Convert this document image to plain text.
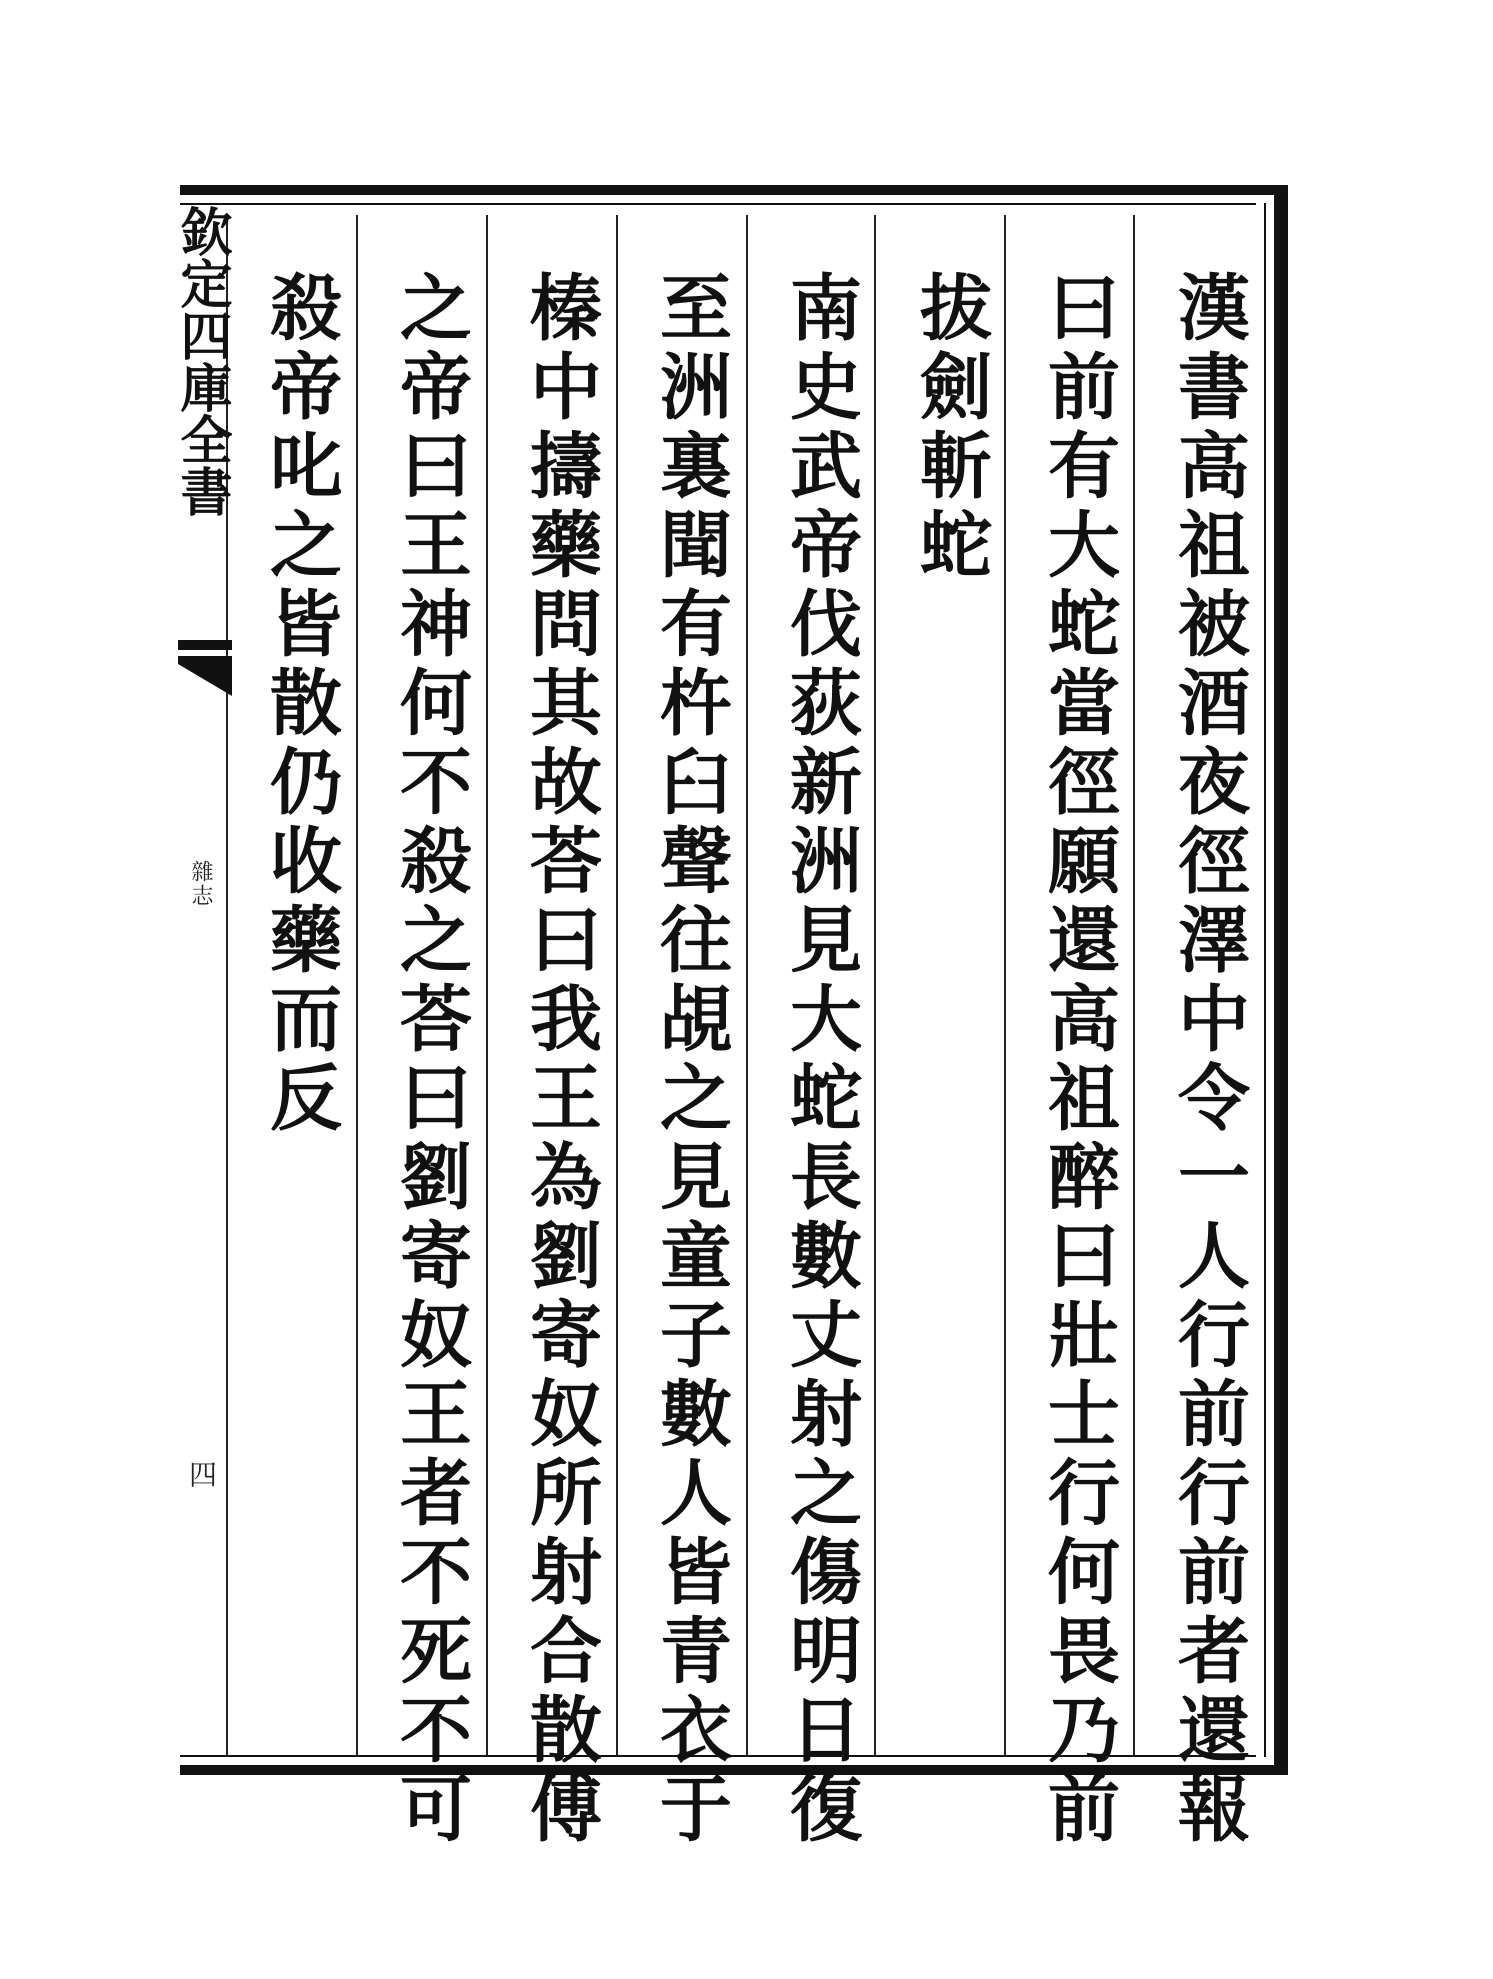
欽定四庫全書
雜志
四	漢書高祖被酒夜徑澤中令一人行前行前者還報
曰前有大蛇當徑願還高祖醉曰壯士行何畏乃前
拔劍斬蛇
南史武帝伐荻新洲見大蛇長數丈射之傷明日復
至洲裏聞有杵臼聲往覘之見童子數人皆青衣于
榛中擣藥問其故荅曰我王為劉寄奴所射合散傅
之帝曰王神何不殺之荅曰劉寄奴王者不死不可
殺帝叱之皆散仍收藥而反
